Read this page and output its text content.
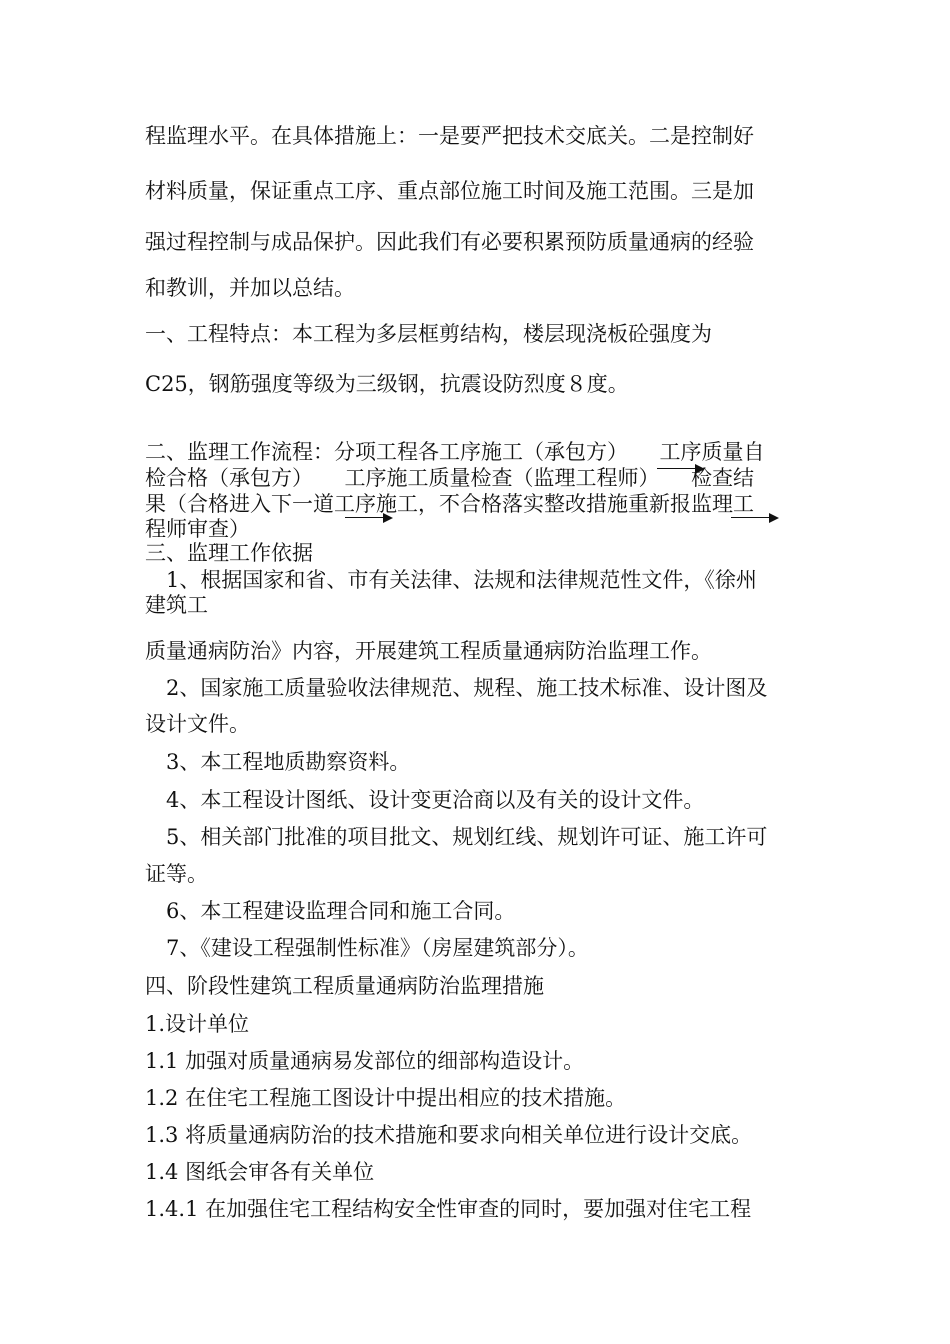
程监理水平。在具体措施上：一是要严把技术交底关。二是控制好
材料质量，保证重点工序、重点部位施工时间及施工范围。三是加
强过程控制与成品保护。因此我们有必要积累预防质量通病的经验
和教训，并加以总结。
一、工程特点：本工程为多层框剪结构，楼层现浇板砼强度为
C25，钢筋强度等级为三级钢，抗震设防烈度８度。
二、监理工作流程：分项工程各工序施工（承包方）　　工序质量自
检合格（承包方）　　工序施工质量检查（监理工程师）　　检查结
果（合格进入下一道工序施工，不合格落实整改措施重新报监理工
程师审查）
三、监理工作依据
　1、根据国家和省、市有关法律、法规和法律规范性文件，《徐州
建筑工
质量通病防治》内容，开展建筑工程质量通病防治监理工作。
　2、国家施工质量验收法律规范、规程、施工技术标准、设计图及
设计文件。
　3、本工程地质勘察资料。
　4、本工程设计图纸、设计变更洽商以及有关的设计文件。
　5、相关部门批准的项目批文、规划红线、规划许可证、施工许可
证等。
　6、本工程建设监理合同和施工合同。
　7、《建设工程强制性标准》（房屋建筑部分）。
四、阶段性建筑工程质量通病防治监理措施
1.设计单位
1.1 加强对质量通病易发部位的细部构造设计。
1.2 在住宅工程施工图设计中提出相应的技术措施。
1.3 将质量通病防治的技术措施和要求向相关单位进行设计交底。
1.4 图纸会审各有关单位
1.4.1 在加强住宅工程结构安全性审查的同时，要加强对住宅工程
